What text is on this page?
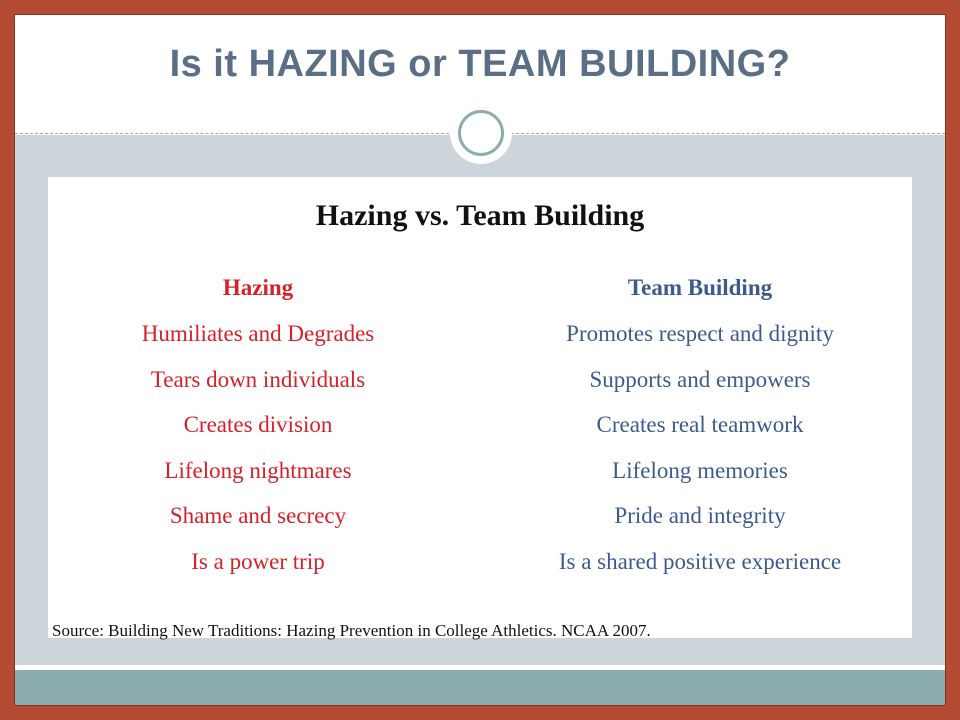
Is it HAZING or TEAM BUILDING?
Hazing vs. Team Building
Hazing
Humiliates and Degrades
Tears down individuals
Creates division
Lifelong nightmares
Shame and secrecy
Is a power trip
Team Building
Promotes respect and dignity
Supports and empowers
Creates real teamwork
Lifelong memories
Pride and integrity
Is a shared positive experience
Source: Building New Traditions: Hazing Prevention in College Athletics. NCAA 2007.
